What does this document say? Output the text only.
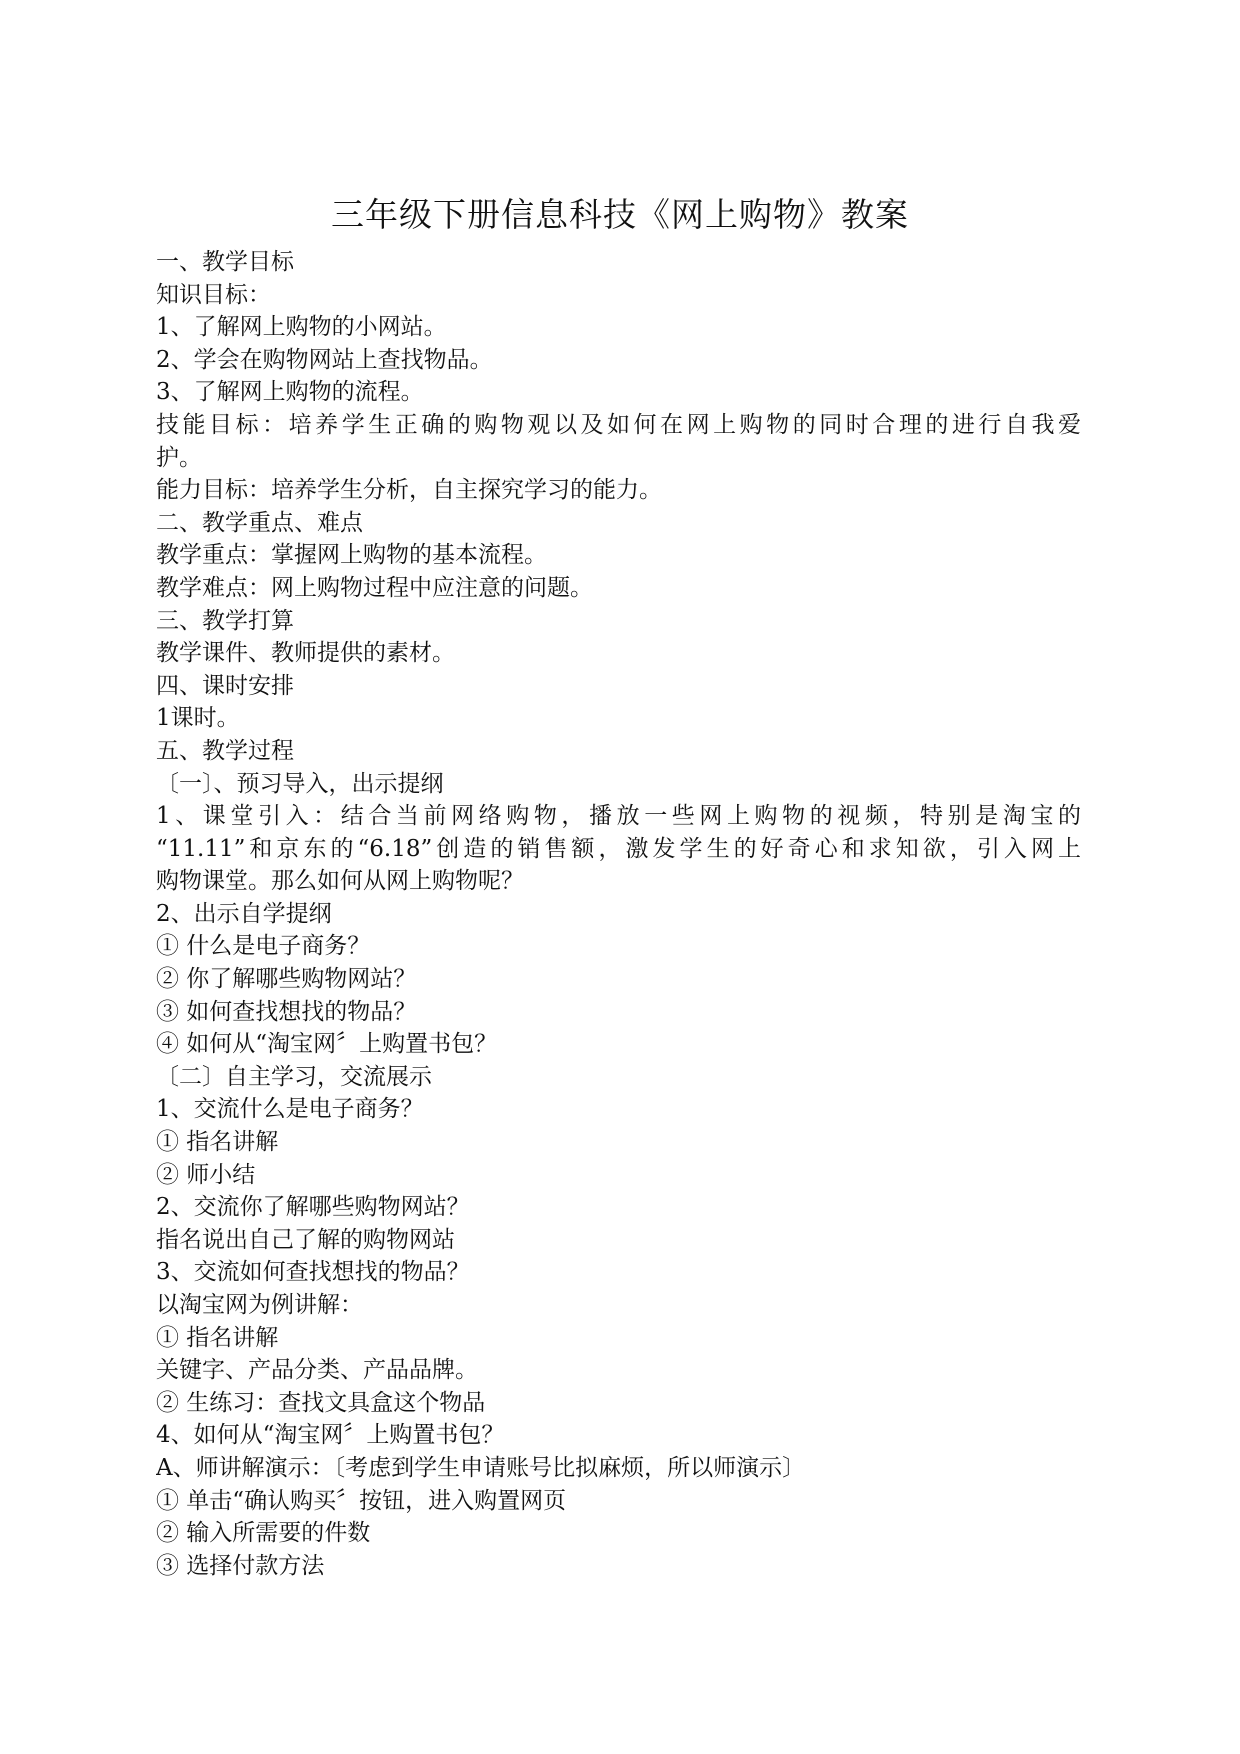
三年级下册信息科技《网上购物》教案
一、教学目标
知识目标：
1、了解网上购物的小网站。
2、学会在购物网站上查找物品。
3、了解网上购物的流程。
技能目标：培养学生正确的购物观以及如何在网上购物的同时合理的进行自我爱
护。
能力目标：培养学生分析，自主探究学习的能力。
二、教学重点、难点
教学重点：掌握网上购物的基本流程。
教学难点：网上购物过程中应注意的问题。
三、教学打算
教学课件、教师提供的素材。
四、课时安排
1课时。
五、教学过程
〔一〕、预习导入，出示提纲
1、课堂引入：结合当前网络购物，播放一些网上购物的视频，特别是淘宝的
“11.11”和京东的“6.18”创造的销售额，激发学生的好奇心和求知欲，引入网上
购物课堂。那么如何从网上购物呢？
2、出示自学提纲
① 什么是电子商务？
② 你了解哪些购物网站？
③ 如何查找想找的物品？
④ 如何从“淘宝网〞上购置书包？
〔二〕自主学习，交流展示
1、交流什么是电子商务？
① 指名讲解
② 师小结
2、交流你了解哪些购物网站？
指名说出自己了解的购物网站
3、交流如何查找想找的物品？
以淘宝网为例讲解：
① 指名讲解
关键字、产品分类、产品品牌。
② 生练习：查找文具盒这个物品
4、如何从“淘宝网〞上购置书包？
A、师讲解演示：〔考虑到学生申请账号比拟麻烦，所以师演示〕
① 单击“确认购买〞按钮，进入购置网页
② 输入所需要的件数
③ 选择付款方法
